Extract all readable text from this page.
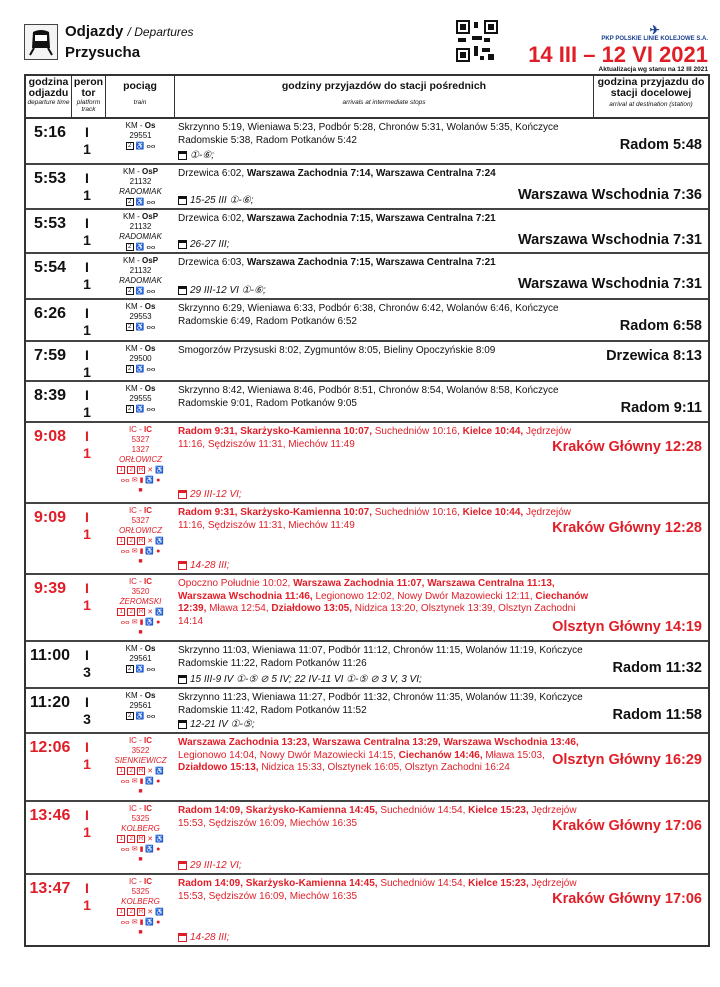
Odjazdy / Departures
Przysucha
✈
PKP POLSKIE LINIE KOLEJOWE S.A.
14 III – 12 VI 2021
Aktualizacja wg stanu na 12 III 2021
godzina odjazdu
departure time
peron tor
platform track
pociąg
train
godziny przyjazdów do stacji pośrednich
arrivals at intermediate stops
godzina przyjazdu do stacji docelowej
arrival at destination (station)
5:16	I
1
KM - Os
29551
2 ♿ ⴰⴰ
Skrzynno 5:19, Wieniawa 5:23, Podbór 5:28, Chronów 5:31, Wolanów 5:35, Kończyce Radomskie 5:38, Radom Potkanów 5:42	Radom 5:48
①-⑥;
5:53	I
1
KM - OsP
21132
RADOMIAK
2 ♿ ⴰⴰ
Drzewica 6:02, Warszawa Zachodnia 7:14, Warszawa Centralna 7:24
Warszawa Wschodnia 7:36
15-25 III ①-⑥;
5:53	I
1
KM - OsP
21132
RADOMIAK
2 ♿ ⴰⴰ
Drzewica 6:02, Warszawa Zachodnia 7:15, Warszawa Centralna 7:21
Warszawa Wschodnia 7:31
26-27 III;
5:54	I
1
KM - OsP
21132
RADOMIAK
2 ♿ ⴰⴰ
Drzewica 6:03, Warszawa Zachodnia 7:15, Warszawa Centralna 7:21
Warszawa Wschodnia 7:31
29 III-12 VI ①-⑥;
6:26	I
1
KM - Os
29553
2 ♿ ⴰⴰ
Skrzynno 6:29, Wieniawa 6:33, Podbór 6:38, Chronów 6:42, Wolanów 6:46, Kończyce Radomskie 6:49, Radom Potkanów 6:52	Radom 6:58
7:59	I
1
KM - Os
29500
2 ♿ ⴰⴰ
Smogorzów Przysuski 8:02, Zygmuntów 8:05, Bieliny Opoczyńskie 8:09	Drzewica 8:13
8:39	I
1
KM - Os
29555
2 ♿ ⴰⴰ
Skrzynno 8:42, Wieniawa 8:46, Podbór 8:51, Chronów 8:54, Wolanów 8:58, Kończyce Radomskie 9:01, Radom Potkanów 9:05	Radom 9:11
9:08	I
1
IC - IC
5327
1327
ORŁOWICZ
1	2	R ✕ ♿
ⴰⴰ ✉ ▮ ♿ ●
■
Radom 9:31, Skarżysko-Kamienna 10:07, Suchedniów 10:16, Kielce 10:44, Jędrzejów 11:16, Sędziszów 11:31, Miechów 11:49	Kraków Główny 12:28
29 III-12 VI;
9:09	I
1
IC - IC
5327
ORŁOWICZ
1	2	R ✕ ♿
ⴰⴰ ✉ ▮ ♿ ●
■
Radom 9:31, Skarżysko-Kamienna 10:07, Suchedniów 10:16, Kielce 10:44, Jędrzejów 11:16, Sędziszów 11:31, Miechów 11:49	Kraków Główny 12:28
14-28 III;
9:39	I
1
IC - IC
3520
ŻEROMSKI
1	2	R ✕ ♿
ⴰⴰ ✉ ▮ ♿ ●
■
Opoczno Południe 10:02, Warszawa Zachodnia 11:07, Warszawa Centralna 11:13, Warszawa Wschodnia 11:46, Legionowo 12:02, Nowy Dwór Mazowiecki 12:11, Ciechanów 12:39, Mława 12:54, Działdowo 13:05, Nidzica 13:20, Olsztynek 13:39, Olsztyn Zachodni 14:14	Olsztyn Główny 14:19
11:00	I
3
KM - Os
29561
2 ♿ ⴰⴰ
Skrzynno 11:03, Wieniawa 11:07, Podbór 11:12, Chronów 11:15, Wolanów 11:19, Kończyce Radomskie 11:22, Radom Potkanów 11:26	Radom 11:32
15 III-9 IV ①-⑤ ⊘ 5 IV; 22 IV-11 VI ①-⑤ ⊘ 3 V, 3 VI;
11:20	I
3
KM - Os
29561
2 ♿ ⴰⴰ
Skrzynno 11:23, Wieniawa 11:27, Podbór 11:32, Chronów 11:35, Wolanów 11:39, Kończyce Radomskie 11:42, Radom Potkanów 11:52	Radom 11:58
12-21 IV ①-⑤;
12:06	I
1
IC - IC
3522
SIENKIEWICZ
1	2	R ✕ ♿
ⴰⴰ ✉ ▮ ♿ ●
■
Warszawa Zachodnia 13:23, Warszawa Centralna 13:29, Warszawa Wschodnia 13:46, Legionowo 14:04, Nowy Dwór Mazowiecki 14:15, Ciechanów 14:46, Mława 15:03, Działdowo 15:13, Nidzica 15:33, Olsztynek 16:05, Olsztyn Zachodni 16:24	Olsztyn Główny 16:29
13:46	I
1
IC - IC
5325
KOLBERG
1	2	R ✕ ♿
ⴰⴰ ✉ ▮ ♿ ●
■
Radom 14:09, Skarżysko-Kamienna 14:45, Suchedniów 14:54, Kielce 15:23, Jędrzejów 15:53, Sędziszów 16:09, Miechów 16:35	Kraków Główny 17:06
29 III-12 VI;
13:47	I
1
IC - IC
5325
KOLBERG
1	2	R ✕ ♿
ⴰⴰ ✉ ▮ ♿ ●
■
Radom 14:09, Skarżysko-Kamienna 14:45, Suchedniów 14:54, Kielce 15:23, Jędrzejów 15:53, Sędziszów 16:09, Miechów 16:35	Kraków Główny 17:06
14-28 III;
